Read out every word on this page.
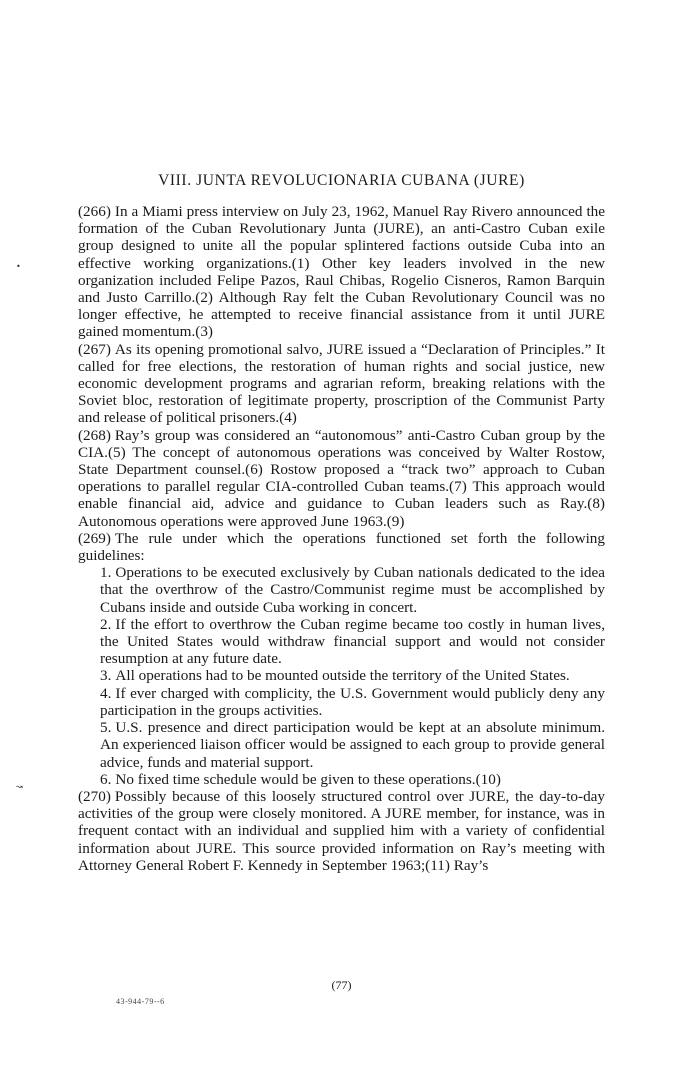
•
↝
VIII. JUNTA REVOLUCIONARIA CUBANA (JURE)

(266) In a Miami press interview on July 23, 1962, Manuel Ray Rivero announced the formation of the Cuban Revolutionary Junta (JURE), an anti-Castro Cuban exile group designed to unite all the popular splintered factions outside Cuba into an effective working organizations.(1) Other key leaders involved in the new organization included Felipe Pazos, Raul Chibas, Rogelio Cisneros, Ramon Barquin and Justo Carrillo.(2) Although Ray felt the Cuban Revolutionary Council was no longer effective, he attempted to receive financial assistance from it until JURE gained momentum.(3)

(267) As its opening promotional salvo, JURE issued a “Declaration of Principles.” It called for free elections, the restoration of human rights and social justice, new economic development programs and agrarian reform, breaking relations with the Soviet bloc, restoration of legitimate property, proscription of the Communist Party and release of political prisoners.(4)

(268) Ray’s group was considered an “autonomous” anti-Castro Cuban group by the CIA.(5) The concept of autonomous operations was conceived by Walter Rostow, State Department counsel.(6) Rostow proposed a “track two” approach to Cuban operations to parallel regular CIA-controlled Cuban teams.(7) This approach would enable financial aid, advice and guidance to Cuban leaders such as Ray.(8) Autonomous operations were approved June 1963.(9)

(269) The rule under which the operations functioned set forth the following guidelines:

1. Operations to be executed exclusively by Cuban nationals dedicated to the idea that the overthrow of the Castro/Communist regime must be accomplished by Cubans inside and outside Cuba working in concert.

2. If the effort to overthrow the Cuban regime became too costly in human lives, the United States would withdraw financial support and would not consider resumption at any future date.

3. All operations had to be mounted outside the territory of the United States.

4. If ever charged with complicity, the U.S. Government would publicly deny any participation in the groups activities.

5. U.S. presence and direct participation would be kept at an absolute minimum. An experienced liaison officer would be assigned to each group to provide general advice, funds and material support.

6. No fixed time schedule would be given to these operations.(10)

(270) Possibly because of this loosely structured control over JURE, the day-to-day activities of the group were closely monitored. A JURE member, for instance, was in frequent contact with an individual and supplied him with a variety of confidential information about JURE. This source provided information on Ray’s meeting with Attorney General Robert F. Kennedy in September 1963;(11) Ray’s

(77)
43-944-79--6
